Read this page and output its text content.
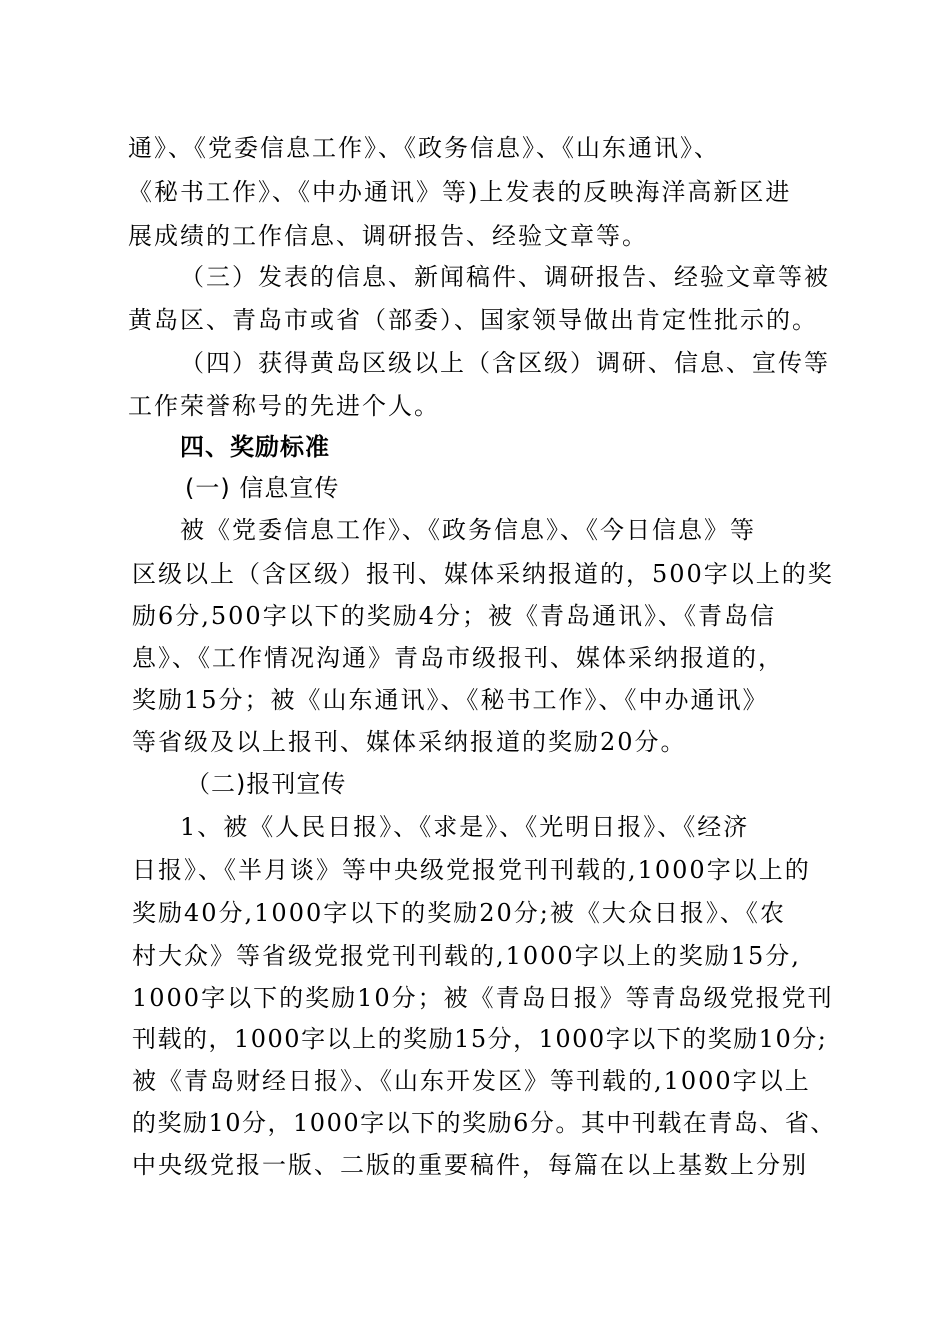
通》、《党委信息工作》、《政务信息》、《山东通讯》、
《秘书工作》、《中办通讯》等)上发表的反映海洋高新区进
展成绩的工作信息、调研报告、经验文章等。
（三）发表的信息、新闻稿件、调研报告、经验文章等被
黄岛区、青岛市或省（部委）、国家领导做出肯定性批示的。
（四）获得黄岛区级以上（含区级）调研、信息、宣传等
工作荣誉称号的先进个人。
四、奖励标准
(一) 信息宣传
被《党委信息工作》、《政务信息》、《今日信息》等
区级以上（含区级）报刊、媒体采纳报道的，500字以上的奖
励6分,500字以下的奖励4分；被《青岛通讯》、《青岛信
息》、《工作情况沟通》青岛市级报刊、媒体采纳报道的，
奖励15分；被《山东通讯》、《秘书工作》、《中办通讯》
等省级及以上报刊、媒体采纳报道的奖励20分。
（二)报刊宣传
1、被《人民日报》、《求是》、《光明日报》、《经济
日报》、《半月谈》等中央级党报党刊刊载的,1000字以上的
奖励40分,1000字以下的奖励20分;被《大众日报》、《农
村大众》等省级党报党刊刊载的,1000字以上的奖励15分,
1000字以下的奖励10分；被《青岛日报》等青岛级党报党刊
刊载的，1000字以上的奖励15分，1000字以下的奖励10分;
被《青岛财经日报》、《山东开发区》等刊载的,1000字以上
的奖励10分，1000字以下的奖励6分。其中刊载在青岛、省、
中央级党报一版、二版的重要稿件，每篇在以上基数上分别
